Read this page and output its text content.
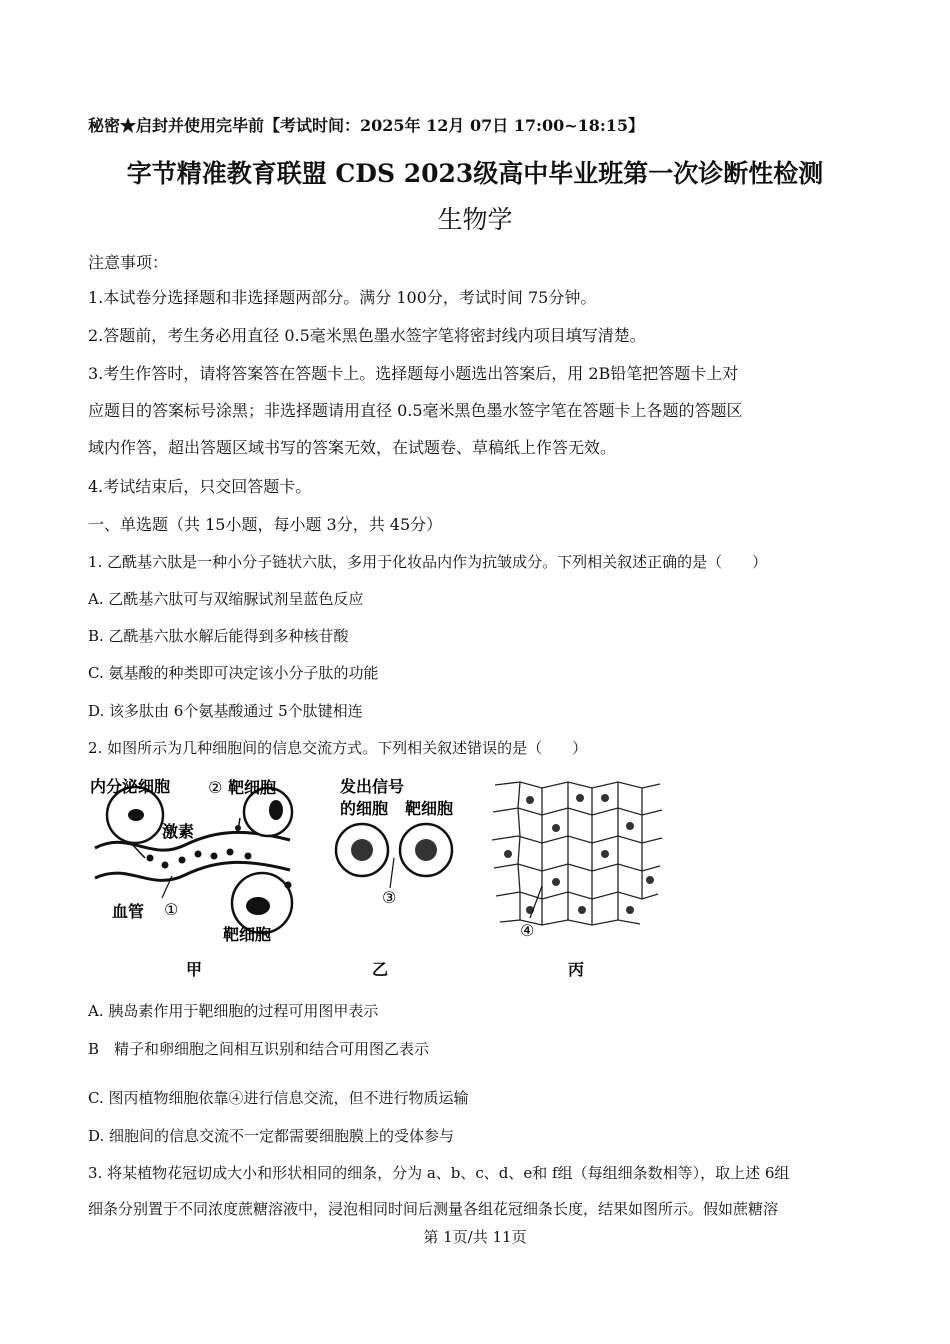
秘密★启封并使用完毕前【考试时间：2025年 12月 07日 17:00~18:15】
字节精准教育联盟 CDS 2023级高中毕业班第一次诊断性检测
生物学
注意事项：
1.本试卷分选择题和非选择题两部分。满分 100分，考试时间 75分钟。
2.答题前，考生务必用直径 0.5毫米黑色墨水签字笔将密封线内项目填写清楚。
3.考生作答时，请将答案答在答题卡上。选择题每小题选出答案后，用 2B铅笔把答题卡上对
应题目的答案标号涂黑；非选择题请用直径 0.5毫米黑色墨水签字笔在答题卡上各题的答题区
域内作答，超出答题区域书写的答案无效，在试题卷、草稿纸上作答无效。
4.考试结束后，只交回答题卡。
一、单选题（共 15小题，每小题 3分，共 45分）
1. 乙酰基六肽是一种小分子链状六肽，多用于化妆品内作为抗皱成分。下列相关叙述正确的是（　　）
A. 乙酰基六肽可与双缩脲试剂呈蓝色反应
B. 乙酰基六肽水解后能得到多种核苷酸
C. 氨基酸的种类即可决定该小分子肽的功能
D. 该多肽由 6个氨基酸通过 5个肽键相连
2. 如图所示为几种细胞间的信息交流方式。下列相关叙述错误的是（　　）
内分泌细胞 ② 靶细胞
激素
血管 ①
靶细胞
甲
发出信号
的细胞 靶细胞
③
乙
④
丙
A. 胰岛素作用于靶细胞的过程可用图甲表示
B　精子和卵细胞之间相互识别和结合可用图乙表示
C. 图丙植物细胞依靠④进行信息交流，但不进行物质运输
D. 细胞间的信息交流不一定都需要细胞膜上的受体参与
3. 将某植物花冠切成大小和形状相同的细条，分为 a、b、c、d、e和 f组（每组细条数相等），取上述 6组
细条分别置于不同浓度蔗糖溶液中，浸泡相同时间后测量各组花冠细条长度，结果如图所示。假如蔗糖溶
第 1页/共 11页
